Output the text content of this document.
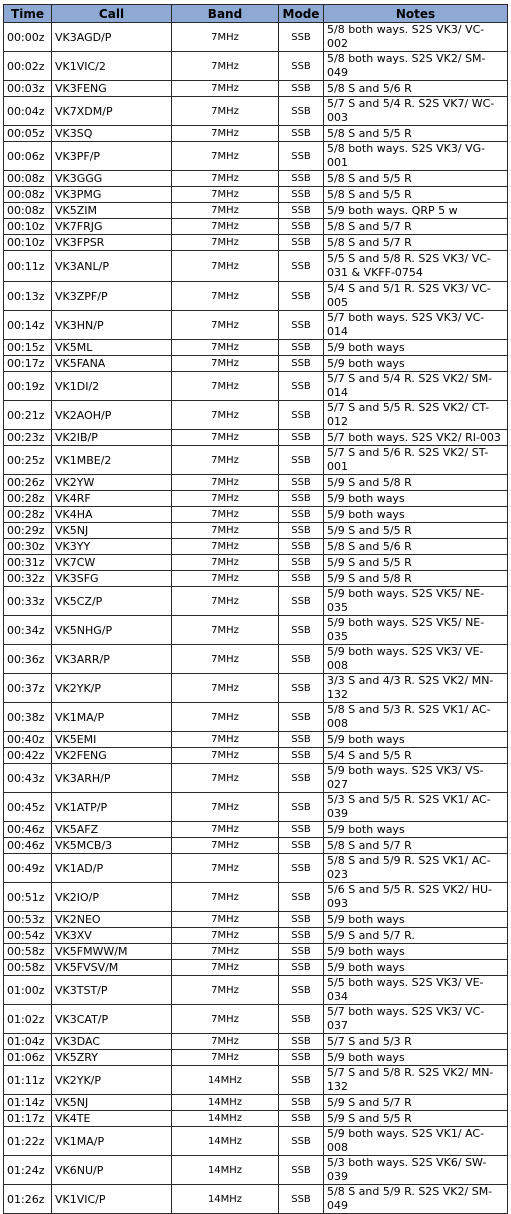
Time	Call	Band	Mode	Notes
00:00z	VK3AGD/P	7MHz	SSB	5/8 both ways. S2S VK3/ VC-002
00:02z	VK1VIC/2	7MHz	SSB	5/8 both ways. S2S VK2/ SM-049
00:03z	VK3FENG	7MHz	SSB	5/8 S and 5/6 R
00:04z	VK7XDM/P	7MHz	SSB	5/7 S and 5/4 R. S2S VK7/ WC-003
00:05z	VK3SQ	7MHz	SSB	5/8 S and 5/5 R
00:06z	VK3PF/P	7MHz	SSB	5/8 both ways. S2S VK3/ VG-001
00:08z	VK3GGG	7MHz	SSB	5/8 S and 5/5 R
00:08z	VK3PMG	7MHz	SSB	5/8 S and 5/5 R
00:08z	VK5ZIM	7MHz	SSB	5/9 both ways. QRP 5 w
00:10z	VK7FRJG	7MHz	SSB	5/8 S and 5/7 R
00:10z	VK3FPSR	7MHz	SSB	5/8 S and 5/7 R
00:11z	VK3ANL/P	7MHz	SSB	5/5 S and 5/8 R. S2S VK3/ VC-031 & VKFF-0754
00:13z	VK3ZPF/P	7MHz	SSB	5/4 S and 5/1 R. S2S VK3/ VC-005
00:14z	VK3HN/P	7MHz	SSB	5/7 both ways. S2S VK3/ VC-014
00:15z	VK5ML	7MHz	SSB	5/9 both ways
00:17z	VK5FANA	7MHz	SSB	5/9 both ways
00:19z	VK1DI/2	7MHz	SSB	5/7 S and 5/4 R. S2S VK2/ SM-014
00:21z	VK2AOH/P	7MHz	SSB	5/7 S and 5/5 R. S2S VK2/ CT-012
00:23z	VK2IB/P	7MHz	SSB	5/7 both ways. S2S VK2/ RI-003
00:25z	VK1MBE/2	7MHz	SSB	5/7 S and 5/6 R. S2S VK2/ ST-001
00:26z	VK2YW	7MHz	SSB	5/9 S and 5/8 R
00:28z	VK4RF	7MHz	SSB	5/9 both ways
00:28z	VK4HA	7MHz	SSB	5/9 both ways
00:29z	VK5NJ	7MHz	SSB	5/9 S and 5/5 R
00:30z	VK3YY	7MHz	SSB	5/8 S and 5/6 R
00:31z	VK7CW	7MHz	SSB	5/9 S and 5/5 R
00:32z	VK3SFG	7MHz	SSB	5/9 S and 5/8 R
00:33z	VK5CZ/P	7MHz	SSB	5/9 both ways. S2S VK5/ NE-035
00:34z	VK5NHG/P	7MHz	SSB	5/9 both ways. S2S VK5/ NE-035
00:36z	VK3ARR/P	7MHz	SSB	5/9 both ways. S2S VK3/ VE-008
00:37z	VK2YK/P	7MHz	SSB	3/3 S and 4/3 R. S2S VK2/ MN-132
00:38z	VK1MA/P	7MHz	SSB	5/8 S and 5/3 R. S2S VK1/ AC-008
00:40z	VK5EMI	7MHz	SSB	5/9 both ways
00:42z	VK2FENG	7MHz	SSB	5/4 S and 5/5 R
00:43z	VK3ARH/P	7MHz	SSB	5/9 both ways. S2S VK3/ VS-027
00:45z	VK1ATP/P	7MHz	SSB	5/3 S and 5/5 R. S2S VK1/ AC-039
00:46z	VK5AFZ	7MHz	SSB	5/9 both ways
00:46z	VK5MCB/3	7MHz	SSB	5/8 S and 5/7 R
00:49z	VK1AD/P	7MHz	SSB	5/8 S and 5/9 R. S2S VK1/ AC-023
00:51z	VK2IO/P	7MHz	SSB	5/6 S and 5/5 R. S2S VK2/ HU-093
00:53z	VK2NEO	7MHz	SSB	5/9 both ways
00:54z	VK3XV	7MHz	SSB	5/9 S and 5/7 R.
00:58z	VK5FMWW/M	7MHz	SSB	5/9 both ways
00:58z	VK5FVSV/M	7MHz	SSB	5/9 both ways
01:00z	VK3TST/P	7MHz	SSB	5/5 both ways. S2S VK3/ VE-034
01:02z	VK3CAT/P	7MHz	SSB	5/7 both ways. S2S VK3/ VC-037
01:04z	VK3DAC	7MHz	SSB	5/7 S and 5/3 R
01:06z	VK5ZRY	7MHz	SSB	5/9 both ways
01:11z	VK2YK/P	14MHz	SSB	5/7 S and 5/8 R. S2S VK2/ MN-132
01:14z	VK5NJ	14MHz	SSB	5/9 S and 5/7 R
01:17z	VK4TE	14MHz	SSB	5/9 S and 5/5 R
01:22z	VK1MA/P	14MHz	SSB	5/9 both ways. S2S VK1/ AC-008
01:24z	VK6NU/P	14MHz	SSB	5/3 both ways. S2S VK6/ SW-039
01:26z	VK1VIC/P	14MHz	SSB	5/8 S and 5/9 R. S2S VK2/ SM-049
